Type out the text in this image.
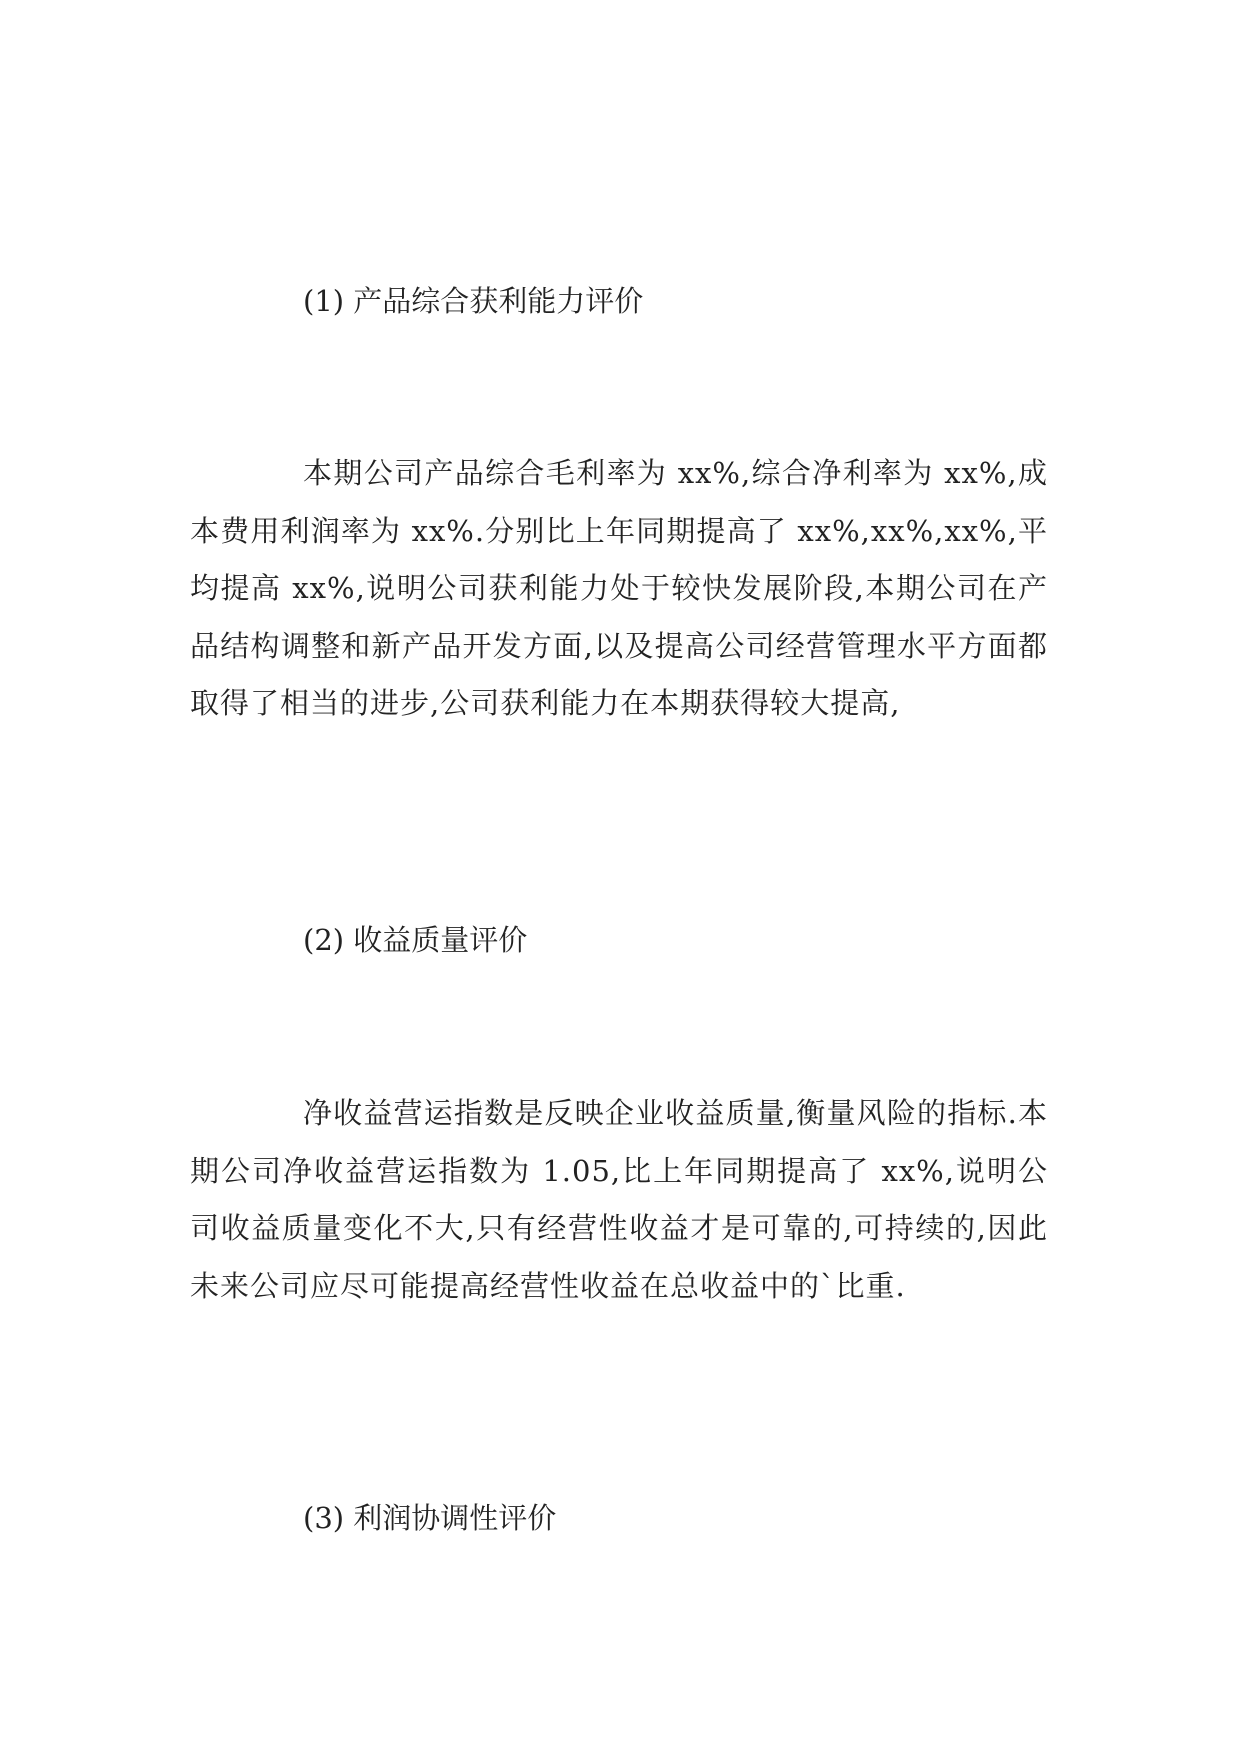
(1) 产品综合获利能力评价
本期公司产品综合毛利率为 xx%,综合净利率为 xx%,成本费用利润率为 xx%.分别比上年同期提高了 xx%,xx%,xx%,平均提高 xx%,说明公司获利能力处于较快发展阶段,本期公司在产品结构调整和新产品开发方面,以及提高公司经营管理水平方面都取得了相当的进步,公司获利能力在本期获得较大提高,
(2) 收益质量评价
净收益营运指数是反映企业收益质量,衡量风险的指标.本期公司净收益营运指数为 1.05,比上年同期提高了 xx%,说明公司收益质量变化不大,只有经营性收益才是可靠的,可持续的,因此未来公司应尽可能提高经营性收益在总收益中的`比重.
(3) 利润协调性评价
